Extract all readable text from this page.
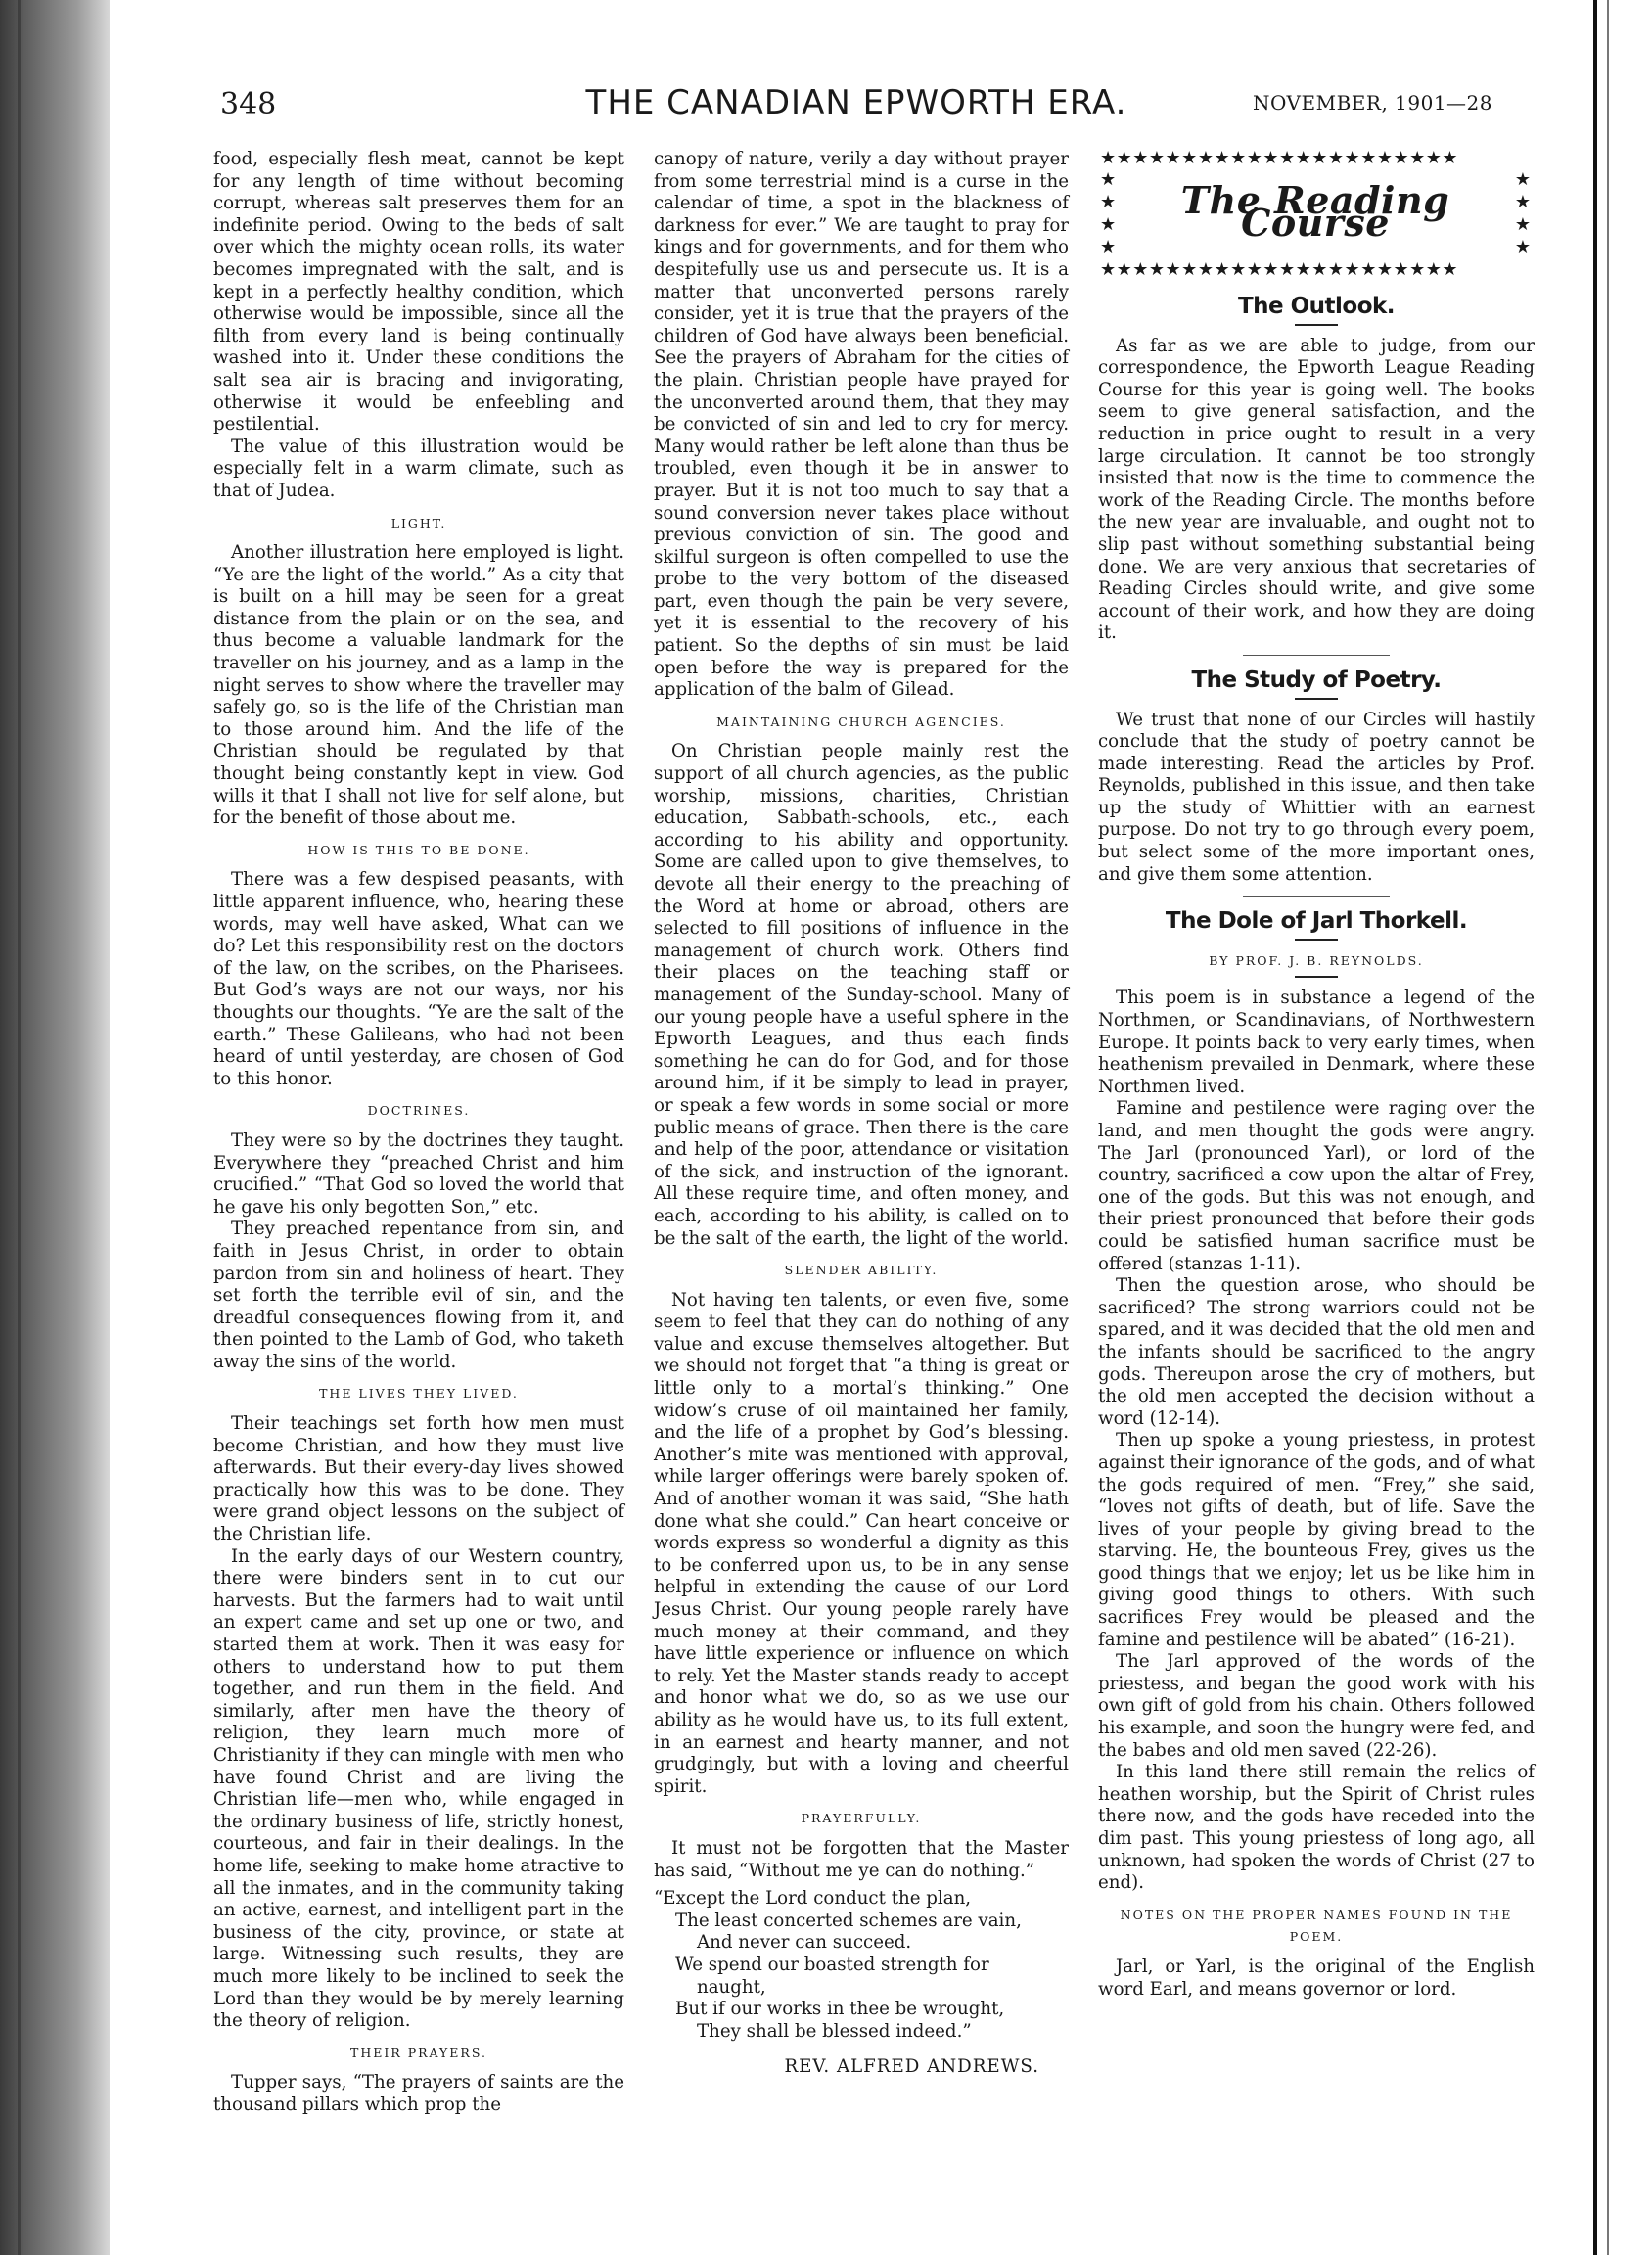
348	THE CANADIAN EPWORTH ERA.	NOVEMBER, 1901—28

food, especially flesh meat, cannot be kept for any length of time without becoming corrupt, whereas salt preserves them for an indefinite period. Owing to the beds of salt over which the mighty ocean rolls, its water becomes impregnated with the salt, and is kept in a perfectly healthy condition, which otherwise would be impossible, since all the filth from every land is being continually washed into it. Under these conditions the salt sea air is bracing and invigorating, otherwise it would be enfeebling and pestilential.

The value of this illustration would be especially felt in a warm climate, such as that of Judea.

LIGHT.

Another illustration here employed is light. “Ye are the light of the world.” As a city that is built on a hill may be seen for a great distance from the plain or on the sea, and thus become a valuable landmark for the traveller on his journey, and as a lamp in the night serves to show where the traveller may safely go, so is the life of the Christian man to those around him. And the life of the Christian should be regulated by that thought being constantly kept in view. God wills it that I shall not live for self alone, but for the benefit of those about me.

HOW IS THIS TO BE DONE.

There was a few despised peasants, with little apparent influence, who, hearing these words, may well have asked, What can we do? Let this responsibility rest on the doctors of the law, on the scribes, on the Pharisees. But God’s ways are not our ways, nor his thoughts our thoughts. “Ye are the salt of the earth.” These Galileans, who had not been heard of until yesterday, are chosen of God to this honor.

DOCTRINES.

They were so by the doctrines they taught. Everywhere they “preached Christ and him crucified.” “That God so loved the world that he gave his only begotten Son,” etc.

They preached repentance from sin, and faith in Jesus Christ, in order to obtain pardon from sin and holiness of heart. They set forth the terrible evil of sin, and the dreadful consequences flowing from it, and then pointed to the Lamb of God, who taketh away the sins of the world.

THE LIVES THEY LIVED.

Their teachings set forth how men must become Christian, and how they must live afterwards. But their every-day lives showed practically how this was to be done. They were grand object lessons on the subject of the Christian life.

In the early days of our Western country, there were binders sent in to cut our harvests. But the farmers had to wait until an expert came and set up one or two, and started them at work. Then it was easy for others to understand how to put them together, and run them in the field. And similarly, after men have the theory of religion, they learn much more of Christianity if they can mingle with men who have found Christ and are living the Christian life—men who, while engaged in the ordinary business of life, strictly honest, courteous, and fair in their dealings. In the home life, seeking to make home atractive to all the inmates, and in the community taking an active, earnest, and intelligent part in the business of the city, province, or state at large. Witnessing such results, they are much more likely to be inclined to seek the Lord than they would be by merely learning the theory of religion.

THEIR PRAYERS.

Tupper says, “The prayers of saints are the thousand pillars which prop the

canopy of nature, verily a day without prayer from some terrestrial mind is a curse in the calendar of time, a spot in the blackness of darkness for ever.” We are taught to pray for kings and for governments, and for them who despitefully use us and persecute us. It is a matter that unconverted persons rarely consider, yet it is true that the prayers of the children of God have always been beneficial. See the prayers of Abraham for the cities of the plain. Christian people have prayed for the unconverted around them, that they may be convicted of sin and led to cry for mercy. Many would rather be left alone than thus be troubled, even though it be in answer to prayer. But it is not too much to say that a sound conversion never takes place without previous conviction of sin. The good and skilful surgeon is often compelled to use the probe to the very bottom of the diseased part, even though the pain be very severe, yet it is essential to the recovery of his patient. So the depths of sin must be laid open before the way is prepared for the application of the balm of Gilead.

MAINTAINING CHURCH AGENCIES.

On Christian people mainly rest the support of all church agencies, as the public worship, missions, charities, Christian education, Sabbath-schools, etc., each according to his ability and opportunity. Some are called upon to give themselves, to devote all their energy to the preaching of the Word at home or abroad, others are selected to fill positions of influence in the management of church work. Others find their places on the teaching staff or management of the Sunday-school. Many of our young people have a useful sphere in the Epworth Leagues, and thus each finds something he can do for God, and for those around him, if it be simply to lead in prayer, or speak a few words in some social or more public means of grace. Then there is the care and help of the poor, attendance or visitation of the sick, and instruction of the ignorant. All these require time, and often money, and each, according to his ability, is called on to be the salt of the earth, the light of the world.

SLENDER ABILITY.

Not having ten talents, or even five, some seem to feel that they can do nothing of any value and excuse themselves altogether. But we should not forget that “a thing is great or little only to a mortal’s thinking.” One widow’s cruse of oil maintained her family, and the life of a prophet by God’s blessing. Another’s mite was mentioned with approval, while larger offerings were barely spoken of. And of another woman it was said, “She hath done what she could.” Can heart conceive or words express so wonderful a dignity as this to be conferred upon us, to be in any sense helpful in extending the cause of our Lord Jesus Christ. Our young people rarely have much money at their command, and they have little experience or influence on which to rely. Yet the Master stands ready to accept and honor what we do, so as we use our ability as he would have us, to its full extent, in an earnest and hearty manner, and not grudgingly, but with a loving and cheerful spirit.

PRAYERFULLY.

It must not be forgotten that the Master has said, “Without me ye can do nothing.”

“Except the Lord conduct the plan,
The least concerted schemes are vain,
And never can succeed.
We spend our boasted strength for
naught,
But if our works in thee be wrought,
They shall be blessed indeed.”
REV. ALFRED ANDREWS.
★★★★★★★★★★★★★★★★★★★★★★
★
★
★
★
★
★
★
★
The Reading Course
★★★★★★★★★★★★★★★★★★★★★★
The Outlook.

As far as we are able to judge, from our correspondence, the Epworth League Reading Course for this year is going well. The books seem to give general satisfaction, and the reduction in price ought to result in a very large circulation. It cannot be too strongly insisted that now is the time to commence the work of the Reading Circle. The months before the new year are invaluable, and ought not to slip past without something substantial being done. We are very anxious that secretaries of Reading Circles should write, and give some account of their work, and how they are doing it.

The Study of Poetry.

We trust that none of our Circles will hastily conclude that the study of poetry cannot be made interesting. Read the articles by Prof. Reynolds, published in this issue, and then take up the study of Whittier with an earnest purpose. Do not try to go through every poem, but select some of the more important ones, and give them some attention.

The Dole of Jarl Thorkell.
BY PROF. J. B. REYNOLDS.

This poem is in substance a legend of the Northmen, or Scandinavians, of Northwestern Europe. It points back to very early times, when heathenism prevailed in Denmark, where these Northmen lived.

Famine and pestilence were raging over the land, and men thought the gods were angry. The Jarl (pronounced Yarl), or lord of the country, sacrificed a cow upon the altar of Frey, one of the gods. But this was not enough, and their priest pronounced that before their gods could be satisfied human sacrifice must be offered (stanzas 1-11).

Then the question arose, who should be sacrificed? The strong warriors could not be spared, and it was decided that the old men and the infants should be sacrificed to the angry gods. Thereupon arose the cry of mothers, but the old men accepted the decision without a word (12-14).

Then up spoke a young priestess, in protest against their ignorance of the gods, and of what the gods required of men. “Frey,” she said, “loves not gifts of death, but of life. Save the lives of your people by giving bread to the starving. He, the bounteous Frey, gives us the good things that we enjoy; let us be like him in giving good things to others. With such sacrifices Frey would be pleased and the famine and pestilence will be abated” (16-21).

The Jarl approved of the words of the priestess, and began the good work with his own gift of gold from his chain. Others followed his example, and soon the hungry were fed, and the babes and old men saved (22-26).

In this land there still remain the relics of heathen worship, but the Spirit of Christ rules there now, and the gods have receded into the dim past. This young priestess of long ago, all unknown, had spoken the words of Christ (27 to end).

NOTES ON THE PROPER NAMES FOUND IN THE POEM.

Jarl, or Yarl, is the original of the English word Earl, and means governor or lord.
